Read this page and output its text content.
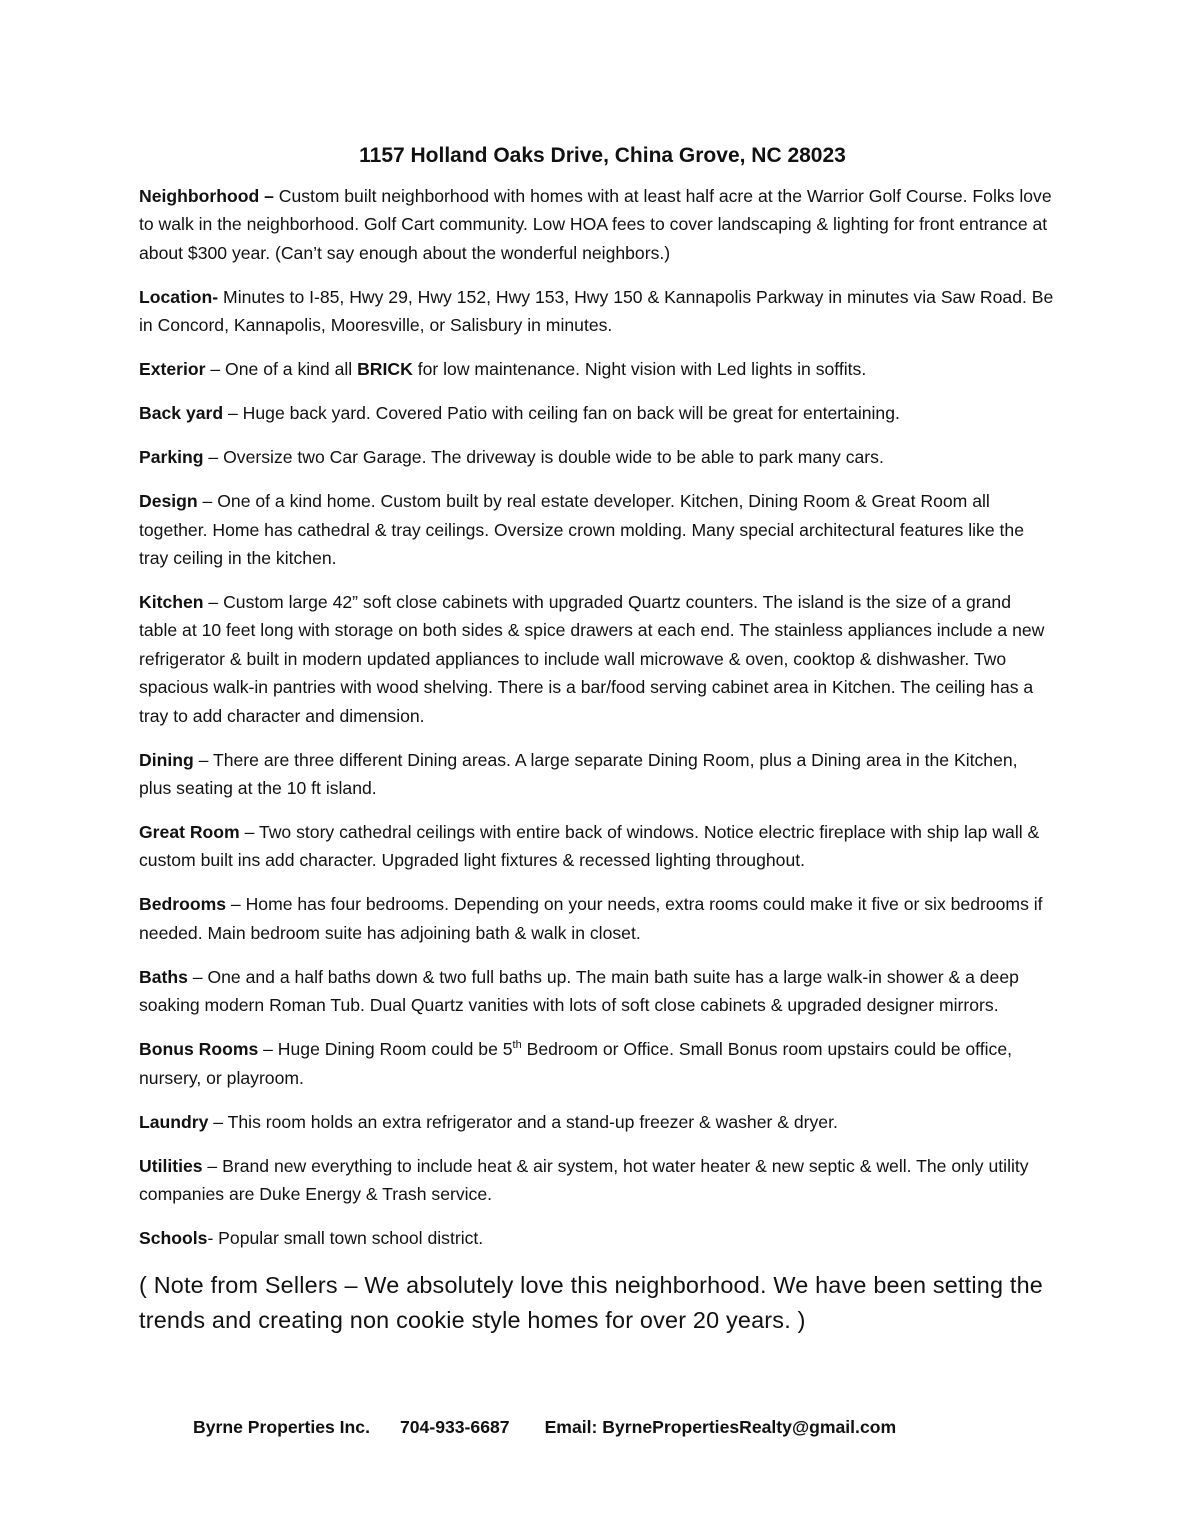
1157 Holland Oaks Drive, China Grove, NC 28023

Neighborhood – Custom built neighborhood with homes with at least half acre at the Warrior Golf Course. Folks love to walk in the neighborhood. Golf Cart community. Low HOA fees to cover landscaping & lighting for front entrance at about $300 year. (Can’t say enough about the wonderful neighbors.)

Location- Minutes to I-85, Hwy 29, Hwy 152, Hwy 153, Hwy 150 & Kannapolis Parkway in minutes via Saw Road. Be in Concord, Kannapolis, Mooresville, or Salisbury in minutes.

Exterior – One of a kind all BRICK for low maintenance. Night vision with Led lights in soffits.

Back yard – Huge back yard. Covered Patio with ceiling fan on back will be great for entertaining.

Parking – Oversize two Car Garage. The driveway is double wide to be able to park many cars.

Design – One of a kind home. Custom built by real estate developer. Kitchen, Dining Room & Great Room all together. Home has cathedral & tray ceilings. Oversize crown molding. Many special architectural features like the tray ceiling in the kitchen.

Kitchen – Custom large 42” soft close cabinets with upgraded Quartz counters. The island is the size of a grand table at 10 feet long with storage on both sides & spice drawers at each end. The stainless appliances include a new refrigerator & built in modern updated appliances to include wall microwave & oven, cooktop & dishwasher. Two spacious walk-in pantries with wood shelving. There is a bar/food serving cabinet area in Kitchen. The ceiling has a tray to add character and dimension.

Dining – There are three different Dining areas. A large separate Dining Room, plus a Dining area in the Kitchen, plus seating at the 10 ft island.

Great Room – Two story cathedral ceilings with entire back of windows. Notice electric fireplace with ship lap wall & custom built ins add character. Upgraded light fixtures & recessed lighting throughout.

Bedrooms – Home has four bedrooms. Depending on your needs, extra rooms could make it five or six bedrooms if needed. Main bedroom suite has adjoining bath & walk in closet.

Baths – One and a half baths down & two full baths up. The main bath suite has a large walk-in shower & a deep soaking modern Roman Tub. Dual Quartz vanities with lots of soft close cabinets & upgraded designer mirrors.

Bonus Rooms – Huge Dining Room could be 5th Bedroom or Office. Small Bonus room upstairs could be office, nursery, or playroom.

Laundry – This room holds an extra refrigerator and a stand-up freezer & washer & dryer.

Utilities – Brand new everything to include heat & air system, hot water heater & new septic & well. The only utility companies are Duke Energy & Trash service.

Schools- Popular small town school district.

( Note from Sellers – We absolutely love this neighborhood. We have been setting the trends and creating non cookie style homes for over 20 years. )

Byrne Properties Inc. 704-933-6687 Email: ByrnePropertiesRealty@gmail.com
